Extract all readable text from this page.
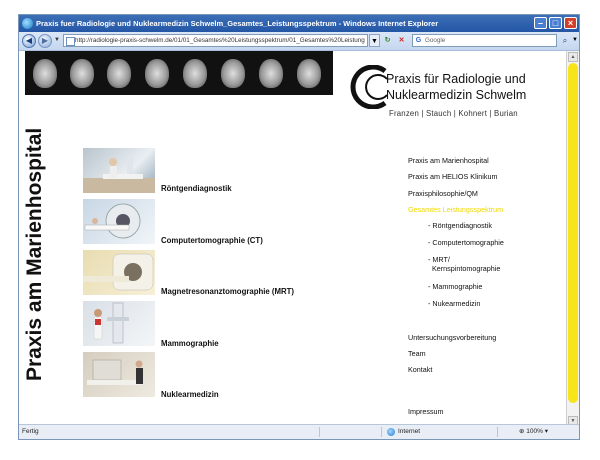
Praxis fuer Radiologie und Nuklearmedizin Schwelm_Gesamtes_Leistungsspektrum - Windows Internet Explorer	–	□	×
◀	▶ ▼	http://radiologie-praxis-schwelm.de/01/01_Gesamtes%20Leistungsspektrum/01_Gesamtes%20Leistung ▼ ↻	✕	G Google	⌕ ▼
Praxis für Radiologie und
Nuklearmedizin Schwelm
Franzen | Stauch | Kohnert | Burian
Praxis am Marienhospital	Röntgendiagnostik
Computertomographie (CT)
Magnetresonanztomographie (MRT)
Mammographie
Nuklearmedizin
Praxis am Marienhospital
Praxis am HELIOS Klinikum
Praxisphilosophie/QM
Gesamtes Leistungsspektrum
- Röntgendiagnostik
- Computertomographie
- MRT/
Kernspintomographie
- Mammographie
- Nukearmedizin
Untersuchungsvorbereitung
Team
Kontakt
Impressum
▲
▼
Fertig	Internet	⊕ 100% ▾
